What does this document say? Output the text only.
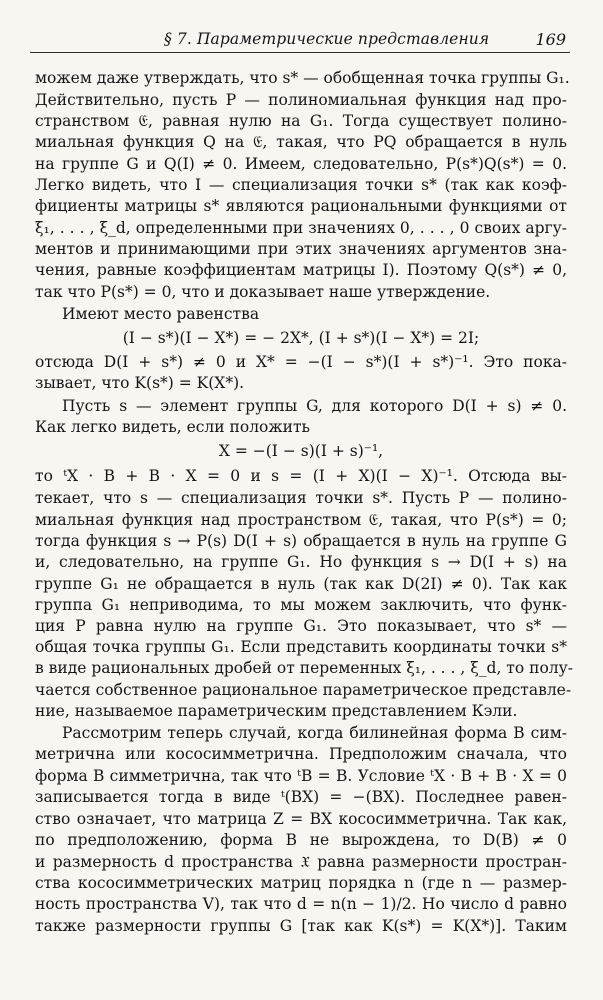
§ 7. Параметрические представления	169
можем даже утверждать, что s* — обобщенная точка группы G₁.
Действительно, пусть P — полиномиальная функция над про-
странством 𝔈, равная нулю на G₁. Тогда существует полино-
миальная функция Q на 𝔈, такая, что PQ обращается в нуль
на группе G и Q(I) ≠ 0. Имеем, следовательно, P(s*)Q(s*) = 0.
Легко видеть, что I — специализация точки s* (так как коэф-
фициенты матрицы s* являются рациональными функциями от
ξ₁, . . . , ξ_d, определенными при значениях 0, . . . , 0 своих аргу-
ментов и принимающими при этих значениях аргументов зна-
чения, равные коэффициентам матрицы I). Поэтому Q(s*) ≠ 0,
так что P(s*) = 0, что и доказывает наше утверждение.
Имеют место равенства
(I − s*)(I − X*) = − 2X*, (I + s*)(I − X*) = 2I;
отсюда D(I + s*) ≠ 0 и X* = −(I − s*)(I + s*)⁻¹. Это пока-
зывает, что K(s*) = K(X*).
Пусть s — элемент группы G, для которого D(I + s) ≠ 0.
Как легко видеть, если положить
X = −(I − s)(I + s)⁻¹,
то ᵗX · B + B · X = 0 и s = (I + X)(I − X)⁻¹. Отсюда вы-
текает, что s — специализация точки s*. Пусть P — полино-
миальная функция над пространством 𝔈, такая, что P(s*) = 0;
тогда функция s → P(s) D(I + s) обращается в нуль на группе G
и, следовательно, на группе G₁. Но функция s → D(I + s) на
группе G₁ не обращается в нуль (так как D(2I) ≠ 0). Так как
группа G₁ неприводима, то мы можем заключить, что функ-
ция P равна нулю на группе G₁. Это показывает, что s* —
общая точка группы G₁. Если представить координаты точки s*
в виде рациональных дробей от переменных ξ₁, . . . , ξ_d, то полу-
чается собственное рациональное параметрическое представле-
ние, называемое параметрическим представлением Кэли.
Рассмотрим теперь случай, когда билинейная форма B сим-
метрична или кососимметрична. Предположим сначала, что
форма B симметрична, так что ᵗB = B. Условие ᵗX · B + B · X = 0
записывается тогда в виде ᵗ(BX) = −(BX). Последнее равен-
ство означает, что матрица Z = BX кососимметрична. Так как,
по предположению, форма B не вырождена, то D(B) ≠ 0
и размерность d пространства 𝔛 равна размерности простран-
ства кососимметрических матриц порядка n (где n — размер-
ность пространства V), так что d = n(n − 1)/2. Но число d равно
также размерности группы G [так как K(s*) = K(X*)]. Таким
